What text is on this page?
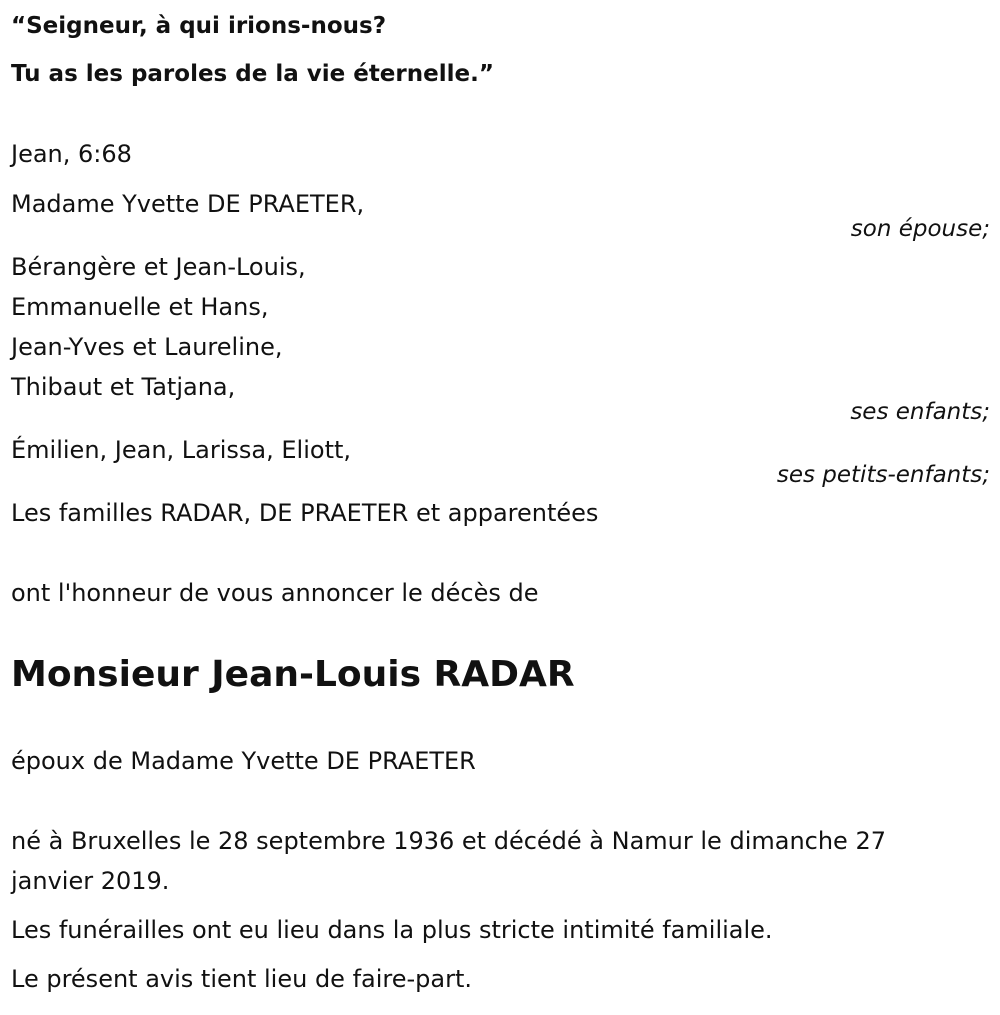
“Seigneur, à qui irions-nous?

Tu as les paroles de la vie éternelle.”

Jean, 6:68

Madame Yvette DE PRAETER,

son épouse;

Bérangère et Jean-Louis,

Emmanuelle et Hans,

Jean-Yves et Laureline,

Thibaut et Tatjana,

ses enfants;

Émilien, Jean, Larissa, Eliott,

ses petits-enfants;

Les familles RADAR, DE PRAETER et apparentées

ont l'honneur de vous annoncer le décès de

Monsieur Jean-Louis RADAR

époux de Madame Yvette DE PRAETER

né à Bruxelles le 28 septembre 1936 et décédé à Namur le dimanche 27 janvier 2019.

Les funérailles ont eu lieu dans la plus stricte intimité familiale.

Le présent avis tient lieu de faire-part.
